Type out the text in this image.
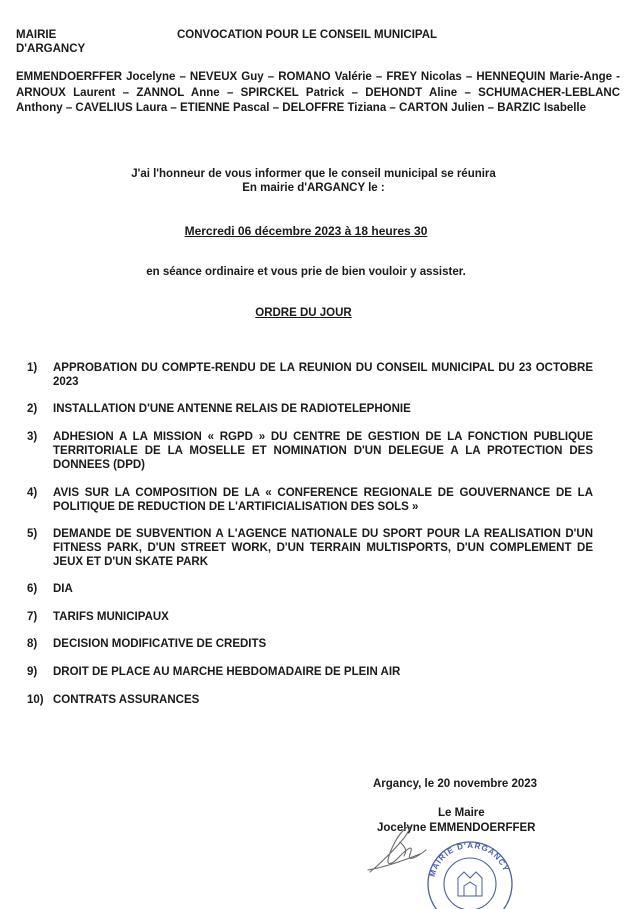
MAIRIE
D'ARGANCY
CONVOCATION POUR LE CONSEIL MUNICIPAL
EMMENDOERFFER Jocelyne – NEVEUX Guy – ROMANO Valérie – FREY Nicolas – HENNEQUIN Marie-Ange - ARNOUX Laurent – ZANNOL Anne – SPIRCKEL Patrick – DEHONDT Aline – SCHUMACHER-LEBLANC Anthony – CAVELIUS Laura – ETIENNE Pascal – DELOFFRE Tiziana – CARTON Julien – BARZIC Isabelle
J'ai l'honneur de vous informer que le conseil municipal se réunira
En mairie d'ARGANCY le :
Mercredi 06 décembre 2023 à 18 heures 30
en séance ordinaire et vous prie de bien vouloir y assister.
ORDRE DU JOUR
1)	APPROBATION DU COMPTE-RENDU DE LA REUNION DU CONSEIL MUNICIPAL DU 23 OCTOBRE 2023
2)	INSTALLATION D'UNE ANTENNE RELAIS DE RADIOTELEPHONIE
3)	ADHESION A LA MISSION « RGPD » DU CENTRE DE GESTION DE LA FONCTION PUBLIQUE TERRITORIALE DE LA MOSELLE ET NOMINATION D'UN DELEGUE A LA PROTECTION DES DONNEES (DPD)
4)	AVIS SUR LA COMPOSITION DE LA « CONFERENCE REGIONALE DE GOUVERNANCE DE LA POLITIQUE DE REDUCTION DE L'ARTIFICIALISATION DES SOLS »
5)	DEMANDE DE SUBVENTION A L'AGENCE NATIONALE DU SPORT POUR LA REALISATION D'UN FITNESS PARK, D'UN STREET WORK, D'UN TERRAIN MULTISPORTS, D'UN COMPLEMENT DE JEUX ET D'UN SKATE PARK
6)	DIA
7)	TARIFS MUNICIPAUX
8)	DECISION MODIFICATIVE DE CREDITS
9)	DROIT DE PLACE AU MARCHE HEBDOMADAIRE DE PLEIN AIR
10) CONTRATS ASSURANCES
Argancy, le 20 novembre 2023
Le Maire
Jocelyne EMMENDOERFFER
MAIRIE D'ARGANCY
